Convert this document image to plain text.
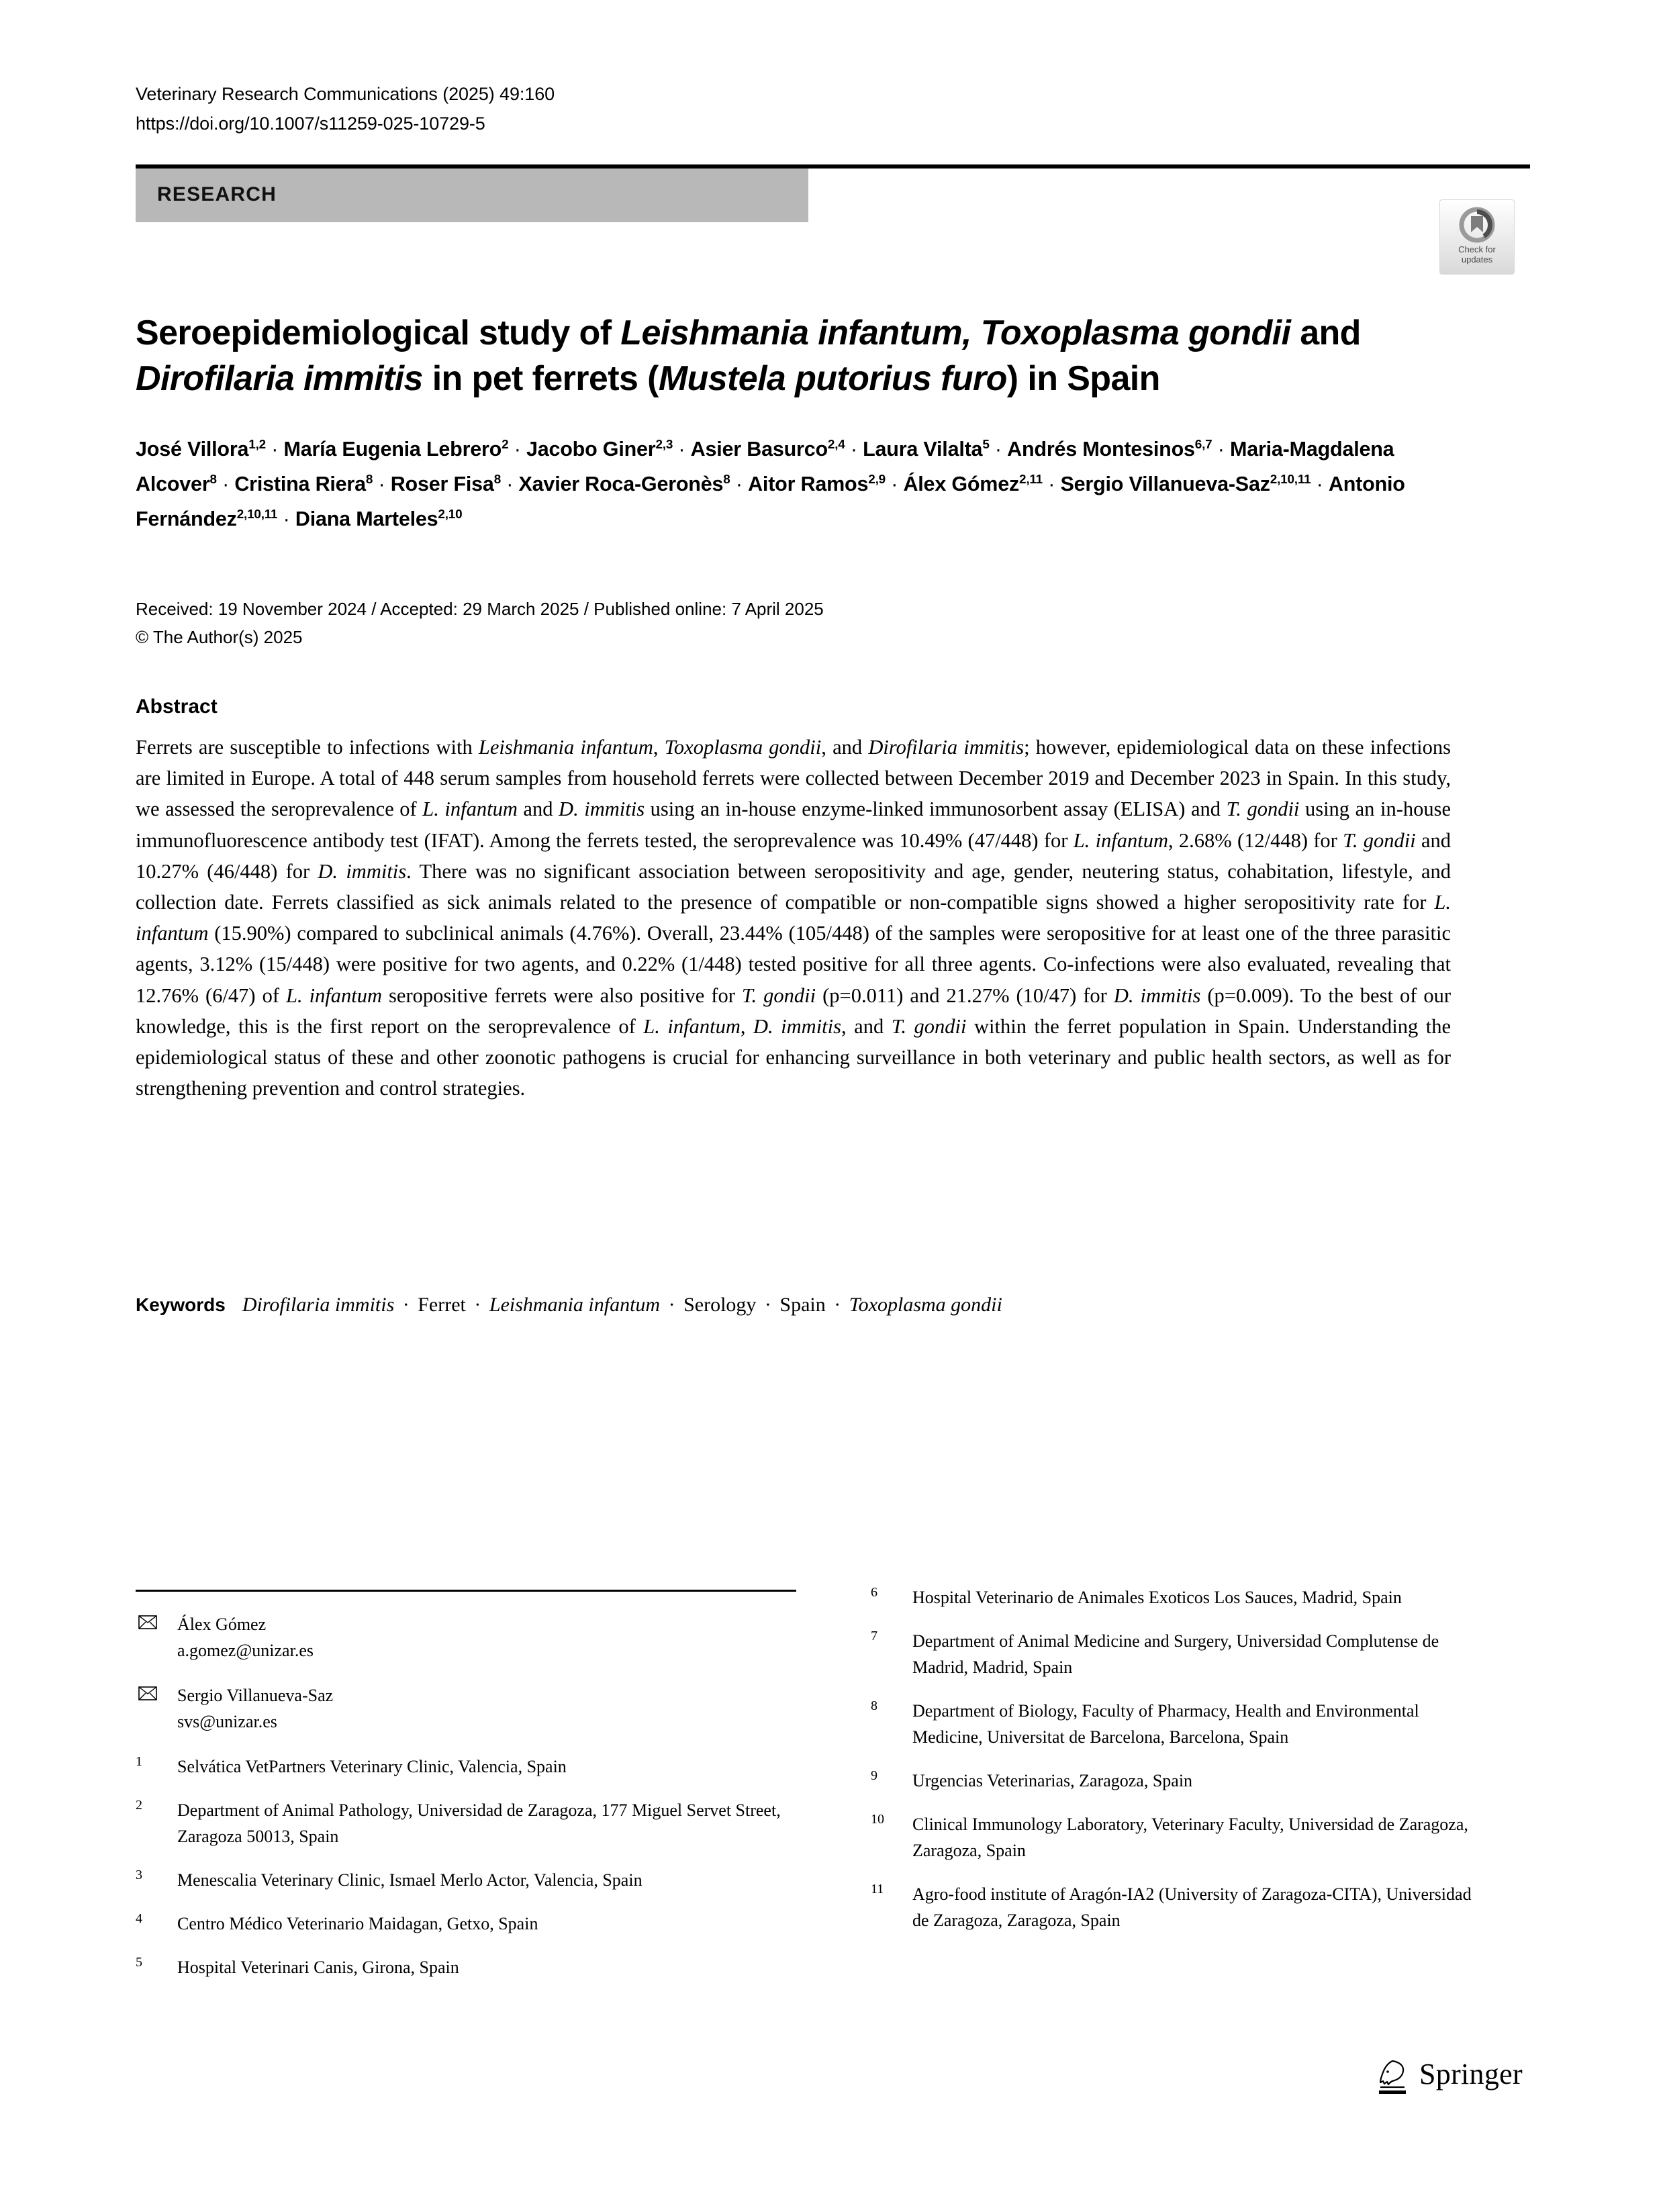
Veterinary Research Communications (2025) 49:160
https://doi.org/10.1007/s11259-025-10729-5
RESEARCH
Check for
updates
Seroepidemiological study of Leishmania infantum, Toxoplasma gondii and Dirofilaria immitis in pet ferrets (Mustela putorius furo) in Spain
José Villora$^{1,2}$ · María Eugenia Lebrero$^2$ · Jacobo Giner$^{2,3}$ · Asier Basurco$^{2,4}$ · Laura Vilalta$^5$ · Andrés Montesinos$^{6,7}$ · Maria-Magdalena Alcover$^8$ · Cristina Riera$^8$ · Roser Fisa$^8$ · Xavier Roca-Geronès$^8$ · Aitor Ramos$^{2,9}$ · Álex Gómez$^{2,11}$ · Sergio Villanueva-Saz$^{2,10,11}$ · Antonio Fernández$^{2,10,11}$ · Diana Marteles$^{2,10}$
Received: 19 November 2024 / Accepted: 29 March 2025 / Published online: 7 April 2025
© The Author(s) 2025
Abstract
Ferrets are susceptible to infections with Leishmania infantum, Toxoplasma gondii, and Dirofilaria immitis; however, epidemiological data on these infections are limited in Europe. A total of 448 serum samples from household ferrets were collected between December 2019 and December 2023 in Spain. In this study, we assessed the seroprevalence of L. infantum and D. immitis using an in-house enzyme-linked immunosorbent assay (ELISA) and T. gondii using an in-house immunofluorescence antibody test (IFAT). Among the ferrets tested, the seroprevalence was 10.49% (47/448) for L. infantum, 2.68% (12/448) for T. gondii and 10.27% (46/448) for D. immitis. There was no significant association between seropositivity and age, gender, neutering status, cohabitation, lifestyle, and collection date. Ferrets classified as sick animals related to the presence of compatible or non-compatible signs showed a higher seropositivity rate for L. infantum (15.90%) compared to subclinical animals (4.76%). Overall, 23.44% (105/448) of the samples were seropositive for at least one of the three parasitic agents, 3.12% (15/448) were positive for two agents, and 0.22% (1/448) tested positive for all three agents. Co-infections were also evaluated, revealing that 12.76% (6/47) of L. infantum seropositive ferrets were also positive for T. gondii (p=0.011) and 21.27% (10/47) for D. immitis (p=0.009). To the best of our knowledge, this is the first report on the seroprevalence of L. infantum, D. immitis, and T. gondii within the ferret population in Spain. Understanding the epidemiological status of these and other zoonotic pathogens is crucial for enhancing surveillance in both veterinary and public health sectors, as well as for strengthening prevention and control strategies.
Keywords Dirofilaria immitis · Ferret · Leishmania infantum · Serology · Spain · Toxoplasma gondii
Álex Gómez
a.gomez@unizar.es
Sergio Villanueva-Saz
svs@unizar.es
1	Selvática VetPartners Veterinary Clinic, Valencia, Spain
2	Department of Animal Pathology, Universidad de Zaragoza, 177 Miguel Servet Street, Zaragoza 50013, Spain
3	Menescalia Veterinary Clinic, Ismael Merlo Actor, Valencia, Spain
4	Centro Médico Veterinario Maidagan, Getxo, Spain
5	Hospital Veterinari Canis, Girona, Spain
6	Hospital Veterinario de Animales Exoticos Los Sauces, Madrid, Spain
7	Department of Animal Medicine and Surgery, Universidad Complutense de Madrid, Madrid, Spain
8	Department of Biology, Faculty of Pharmacy, Health and Environmental Medicine, Universitat de Barcelona, Barcelona, Spain
9	Urgencias Veterinarias, Zaragoza, Spain
10	Clinical Immunology Laboratory, Veterinary Faculty, Universidad de Zaragoza, Zaragoza, Spain
11	Agro-food institute of Aragón-IA2 (University of Zaragoza-CITA), Universidad de Zaragoza, Zaragoza, Spain
Springer
